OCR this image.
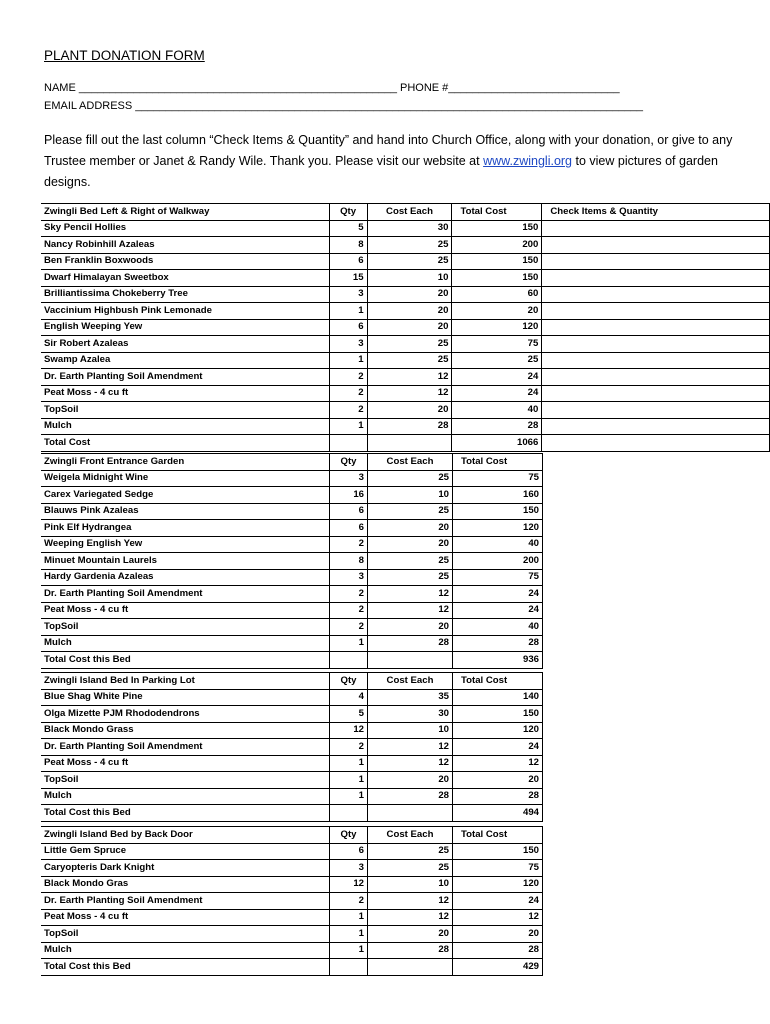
PLANT DONATION FORM
NAME ____________________________________________________ PHONE #____________________________
EMAIL ADDRESS ___________________________________________________________________________________
Please fill out the last column “Check Items & Quantity” and hand into Church Office, along with your donation, or give to any Trustee member or Janet & Randy Wile. Thank you. Please visit our website at www.zwingli.org to view pictures of garden designs.
Zwingli Bed Left & Right of Walkway	Qty	Cost Each	Total Cost	Check Items & Quantity
Sky Pencil Hollies	5	30	150	
Nancy Robinhill Azaleas	8	25	200	
Ben Franklin Boxwoods	6	25	150	
Dwarf Himalayan Sweetbox	15	10	150	
Brilliantissima Chokeberry Tree	3	20	60	
Vaccinium Highbush Pink Lemonade	1	20	20	
English Weeping Yew	6	20	120	
Sir Robert Azaleas	3	25	75	
Swamp Azalea	1	25	25	
Dr. Earth Planting Soil Amendment	2	12	24	
Peat Moss - 4 cu ft	2	12	24	
TopSoil	2	20	40	
Mulch	1	28	28	
Total Cost			1066	
Zwingli Front Entrance Garden	Qty	Cost Each	Total Cost
Weigela Midnight Wine	3	25	75
Carex Variegated Sedge	16	10	160
Blauws Pink Azaleas	6	25	150
Pink Elf Hydrangea	6	20	120
Weeping English Yew	2	20	40
Minuet Mountain Laurels	8	25	200
Hardy Gardenia Azaleas	3	25	75
Dr. Earth Planting Soil Amendment	2	12	24
Peat Moss - 4 cu ft	2	12	24
TopSoil	2	20	40
Mulch	1	28	28
Total Cost this Bed			936
Zwingli Island Bed In Parking Lot	Qty	Cost Each	Total Cost
Blue Shag White Pine	4	35	140
Olga Mizette PJM Rhododendrons	5	30	150
Black Mondo Grass	12	10	120
Dr. Earth Planting Soil Amendment	2	12	24
Peat Moss - 4 cu ft	1	12	12
TopSoil	1	20	20
Mulch	1	28	28
Total Cost this Bed			494
Zwingli Island Bed by Back Door	Qty	Cost Each	Total Cost
Little Gem Spruce	6	25	150
Caryopteris Dark Knight	3	25	75
Black Mondo Gras	12	10	120
Dr. Earth Planting Soil Amendment	2	12	24
Peat Moss - 4 cu ft	1	12	12
TopSoil	1	20	20
Mulch	1	28	28
Total Cost this Bed			429
